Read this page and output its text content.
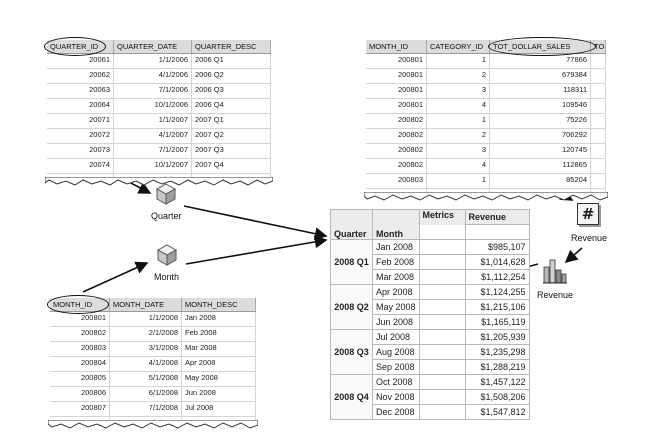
QUARTER_ID	QUARTER_DATE	QUARTER_DESC
20061	1/1/2006 2006 Q1
20062	4/1/2006 2006 Q2
20063	7/1/2006 2006 Q3
20064	10/1/2006 2006 Q4
20071	1/1/2007 2007 Q1
20072	4/1/2007 2007 Q2
20073	7/1/2007 2007 Q3
20074	10/1/2007 2007 Q4
MONTH_ID	CATEGORY_ID	TOT_DOLLAR_SALES	TO
200801	1	77866
200801	2	679384
200801	3	118311
200801	4	109546
200802	1	75226
200802	2	706292
200802	3	120745
200802	4	112865
200803	1	85204
MONTH_ID	MONTH_DATE	MONTH_DESC
200801	1/1/2008 Jan 2008
200802	2/1/2008 Feb 2008
200803	3/1/2008 Mar 2008
200804	4/1/2008 Apr 2008
200805	5/1/2008 May 2008
200806	6/1/2008 Jun 2008
200807	7/1/2008 Jul 2008
Quarter
Month
#
Revenue
Revenue
Quarter	Month	Metrics	Revenue

2008 Q1	Jan 2008		$985,107
	Feb 2008		$1,014,628
	Mar 2008		$1,112,254
2008 Q2	Apr 2008		$1,124,255
	May 2008		$1,215,106
	Jun 2008		$1,165,119
2008 Q3	Jul 2008		$1,205,939
	Aug 2008		$1,235,298
	Sep 2008		$1,288,219
2008 Q4	Oct 2008		$1,457,122
	Nov 2008		$1,508,206
	Dec 2008		$1,547,812
